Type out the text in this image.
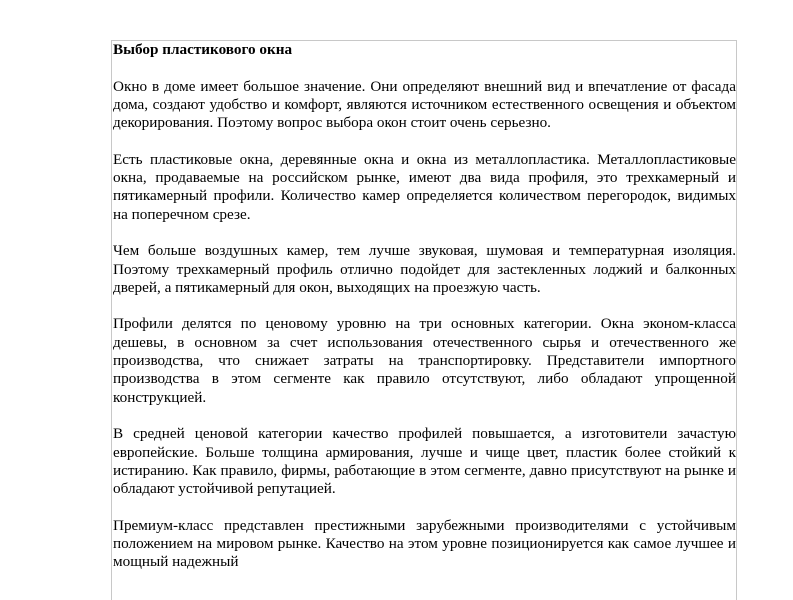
Выбор пластикового окна

Окно в доме имеет большое значение. Они определяют внешний вид и впечатление от фасада дома, создают удобство и комфорт, являются источником естественного освещения и объектом декорирования. Поэтому вопрос выбора окон стоит очень серьезно.

Есть пластиковые окна, деревянные окна и окна из металлопластика. Металлопластиковые окна, продаваемые на российском рынке, имеют два вида профиля, это трехкамерный и пятикамерный профили. Количество камер определяется количеством перегородок, видимых на поперечном срезе.

Чем больше воздушных камер, тем лучше звуковая, шумовая и температурная изоляция. Поэтому трехкамерный профиль отлично подойдет для застекленных лоджий и балконных дверей, а пятикамерный для окон, выходящих на проезжую часть.

Профили делятся по ценовому уровню на три основных категории. Окна эконом-класса дешевы, в основном за счет использования отечественного сырья и отечественного же производства, что снижает затраты на транспортировку. Представители импортного производства в этом сегменте как правило отсутствуют, либо обладают упрощенной конструкцией.

В средней ценовой категории качество профилей повышается, а изготовители зачастую европейские. Больше толщина армирования, лучше и чище цвет, пластик более стойкий к истиранию. Как правило, фирмы, работающие в этом сегменте, давно присутствуют на рынке и обладают устойчивой репутацией.

Премиум-класс представлен престижными зарубежными производителями с устойчивым положением на мировом рынке. Качество на этом уровне позиционируется как самое лучшее и мощный надежный
